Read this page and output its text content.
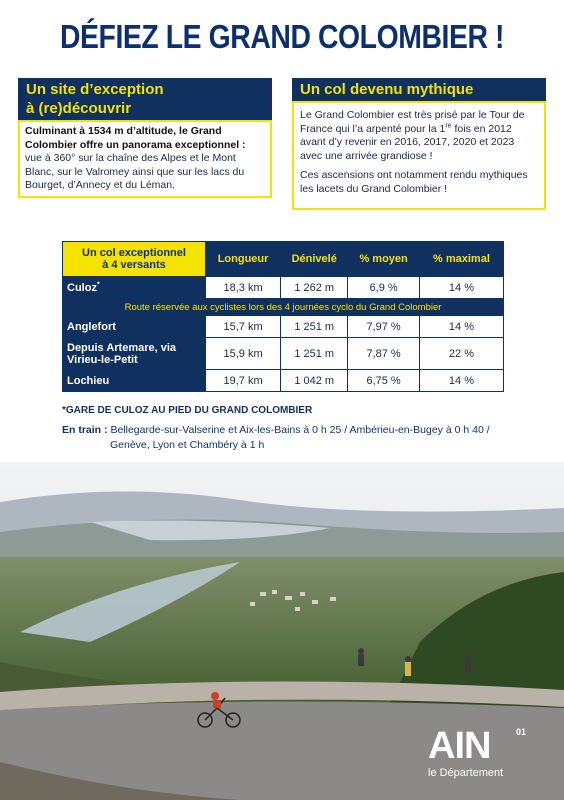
DÉFIEZ LE GRAND COLOMBIER !
Un site d’exception
à (re)découvrir
Culminant à 1534 m d’altitude, le Grand Colombier offre un panorama exceptionnel :
vue à 360° sur la chaîne des Alpes et le Mont Blanc, sur le Valromey ainsi que sur les lacs du Bourget, d’Annecy et du Léman.
Un col devenu mythique

Le Grand Colombier est très prisé par le Tour de France qui l’a arpenté pour la 1re fois en 2012 avant d’y revenir en 2016, 2017, 2020 et 2023 avec une arrivée grandiose !

Ces ascensions ont notamment rendu mythiques les lacets du Grand Colombier !

Un col exceptionnel
à 4 versants	Longueur	Dénivelé	% moyen	% maximal
Culoz*	18,3 km	1 262 m	6,9 %	14 %
Route réservée aux cyclistes lors des 4 journées cyclo du Grand Colombier				
Anglefort	15,7 km	1 251 m	7,97 %	14 %
Depuis Artemare, via Virieu-le-Petit	15,9 km	1 251 m	7,87 %	22 %
Lochieu	19,7 km	1 042 m	6,75 %	14 %
*GARE DE CULOZ AU PIED DU GRAND COLOMBIER
En train : Bellegarde-sur-Valserine et Aix-les-Bains à 0 h 25 / Ambérieu-en-Bugey à 0 h 40 /
Genève, Lyon et Chambéry à 1 h
AIN	01
le Département
